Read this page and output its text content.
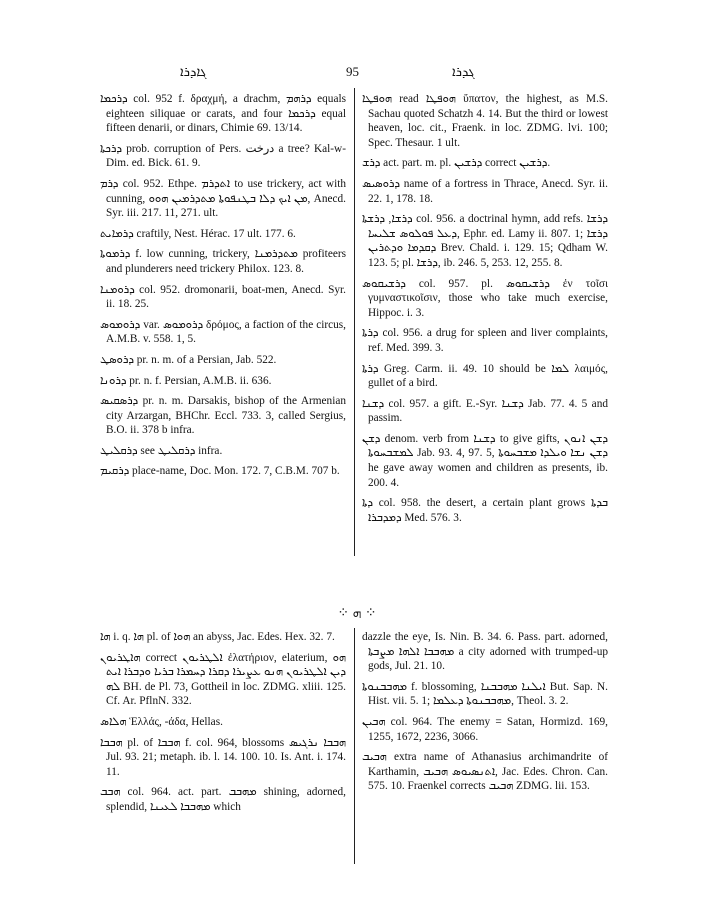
ܓܐܕܪܐ	95	ܓܕܪܐ

ܕܪܟܡܐ col. 952 f. δραχμή, a drachm, ܕܪܗܡ equals eighteen siliquae or carats, and four ܕܪܟܡܐ equal fifteen denarii, or dinars, Chimie 69. 13/14.

ܕܪܟܬܐ prob. corruption of Pers. درخت a tree? Kal-w-Dim. ed. Bick. 61. 9.

ܕܪܡ col. 952. Ethpe. ܐܬܕܪܡ to use trickery, act with cunning, ܡܢ ܐܝܟ ܕܠܐ ܒܛܢܦܘܬܐ ܡܬܕܪܡܝܢ ܗܘܘ, Anecd. Syr. iii. 217. 11, 271. ult.

ܕܪܡܐܝܬ craftily, Nest. Hérac. 17 ult. 177. 6.

ܕܪܡܘܬܐ f. low cunning, trickery, ܡܬܕܪܡܢܐ profiteers and plunderers need trickery Philox. 123. 8.

ܕܪܘܡܢܐ col. 952. dromonarii, boat-men, Anecd. Syr. ii. 18. 25.

ܕܪܘܡܘܣ var. ܕܪܘܡܘܣ δρόμος, a faction of the circus, A.M.B. v. 558. 1, 5.

ܕܪܘܣܛ pr. n. m. of a Persian, Jab. 522.

ܕܪܘܢܐ pr. n. f. Persian, A.M.B. ii. 636.

ܕܪܣܩܝܣ pr. n. m. Darsakis, bishop of the Armenian city Arzargan, BHChr. Eccl. 733. 3, called Sergius, B.O. ii. 378 b infra.

ܕܪܩܠܝܛ see ܕܪܩܠܝܛ infra.

ܕܪܩܝܡ place-name, Doc. Mon. 172. 7, C.B.M. 707 b.

ܗܘܦܛܐ read ܗܘܦܛܐ ὕπατον, the highest, as M.S. Sachau quoted Schatzh 4. 14. But the third or lowest heaven, loc. cit., Fraenk. in loc. ZDMG. lvi. 100; Spec. Thesaur. 1 ult.

ܕܪܫ act. part. m. pl. ܕܪܫܝܢ correct ܕܪܫܝܢ.

ܕܪܘܣܝܣ name of a fortress in Thrace, Anecd. Syr. ii. 22. 1, 178. 18.

ܕܪܫܐ, ܕܪܫܬܐ col. 956. a doctrinal hymn, add refs. ܕܪܫܐ ܕܥܠ ܦܘܠܘܣ ܫܠܝܚܐ, Ephr. ed. Lamy ii. 807. 1; ܕܪܫܐ ܕܩܕܡܐ ܘܕܬܪܝܢ Brev. Chald. i. 129. 15; Qdham W. 123. 5; pl. ܕܪܫܐ, ib. 246. 5, 253. 12, 255. 8.

ܕܪܫܝܩܘܣ col. 957. pl. ܕܪܫܝܩܘܣ ἐν τοῖσι γυμναστικοῖσιν, those who take much exercise, Hippoc. i. 3.

ܕܪܬܐ col. 956. a drug for spleen and liver complaints, ref. Med. 399. 3.

ܕܪܬܐ Greg. Carm. ii. 49. 10 should be ܠܡܐ λαιμός, gullet of a bird.

ܕܫܢܐ col. 957. a gift. E.-Syr. ܕܫܢܐ Jab. 77. 4. 5 and passim.

ܕܫܢ denom. verb from ܕܫܢܐ to give gifts, ܕܫܢ ܐܢܘܢ ܠܡܫܒܚܘܬܐ Jab. 93. 4, 97. 5, ܕܫܢ ܢܫܐ ܘܝܠܕܐ ܡܫܒܚܘܬܐ he gave away women and children as presents, ib. 200. 4.

ܕܬܐ col. 958. the desert, a certain plant grows ܒܕܬܐ ܕܡܕܒܪܐ Med. 576. 3.

⁘ ܗ ⁘

ܗܐ i. q. ܗܐ pl. of ܗܘܐ an abyss, Jac. Edes. Hex. 32. 7.

ܗܐܛܪܝܘܢ correct ܐܠܛܪܝܘܢ ἐλατήριον, elaterium, ܗܘ ܕܝܢ ܐܠܛܪܝܘܢ ܗܢܘ ܥܨܝܪܐ ܕܩܪܐ ܕܚܡܪܐ ܒܪܝܐ ܘܕܒܪܐ ܐܝܬ ܠܗ BH. de Pl. 73, Gottheil in loc. ZDMG. xliii. 125. Cf. Ar. PflnN. 332.

ܗܠܐܣ Ἑλλάς, -άδα, Hellas.

ܗܒܒܐ pl. of ܗܒܒܐ f. col. 964, blossoms ܗܒܒܐ ܢܪܓܝܣ Jul. 93. 21; metaph. ib. l. 14. 100. 10. Is. Ant. i. 174. 11.

ܗܒܒ col. 964. act. part. ܡܗܒܒ shining, adorned, splendid, ܡܗܒܒܐ ܠܥܝܢܐ which

dazzle the eye, Is. Nin. B. 34. 6. Pass. part. adorned, ܡܗܒܒܐ ܐܠܗܐ ܡܨܒܬܐ a city adorned with trumped-up gods, Jul. 21. 10.

ܡܗܒܒܢܘܬܐ f. blossoming, ܐܝܠܢܐ ܡܗܒܒܢܐ But. Sap. N. Hist. vii. 5. 1; ܡܗܒܒܢܘܬܐ ܕܥܠܡܐ, Theol. 3. 2.

ܗܒܝܢ col. 964. The enemy = Satan, Hormizd. 169, 1255, 1672, 2236, 3066.

ܗܒܝܒ extra name of Athanasius archimandrite of Karthamin, ܐܬܢܣܝܘܣ ܗܒܝܒ, Jac. Edes. Chron. Can. 575. 10. Fraenkel corrects ܗܒܝܒ ZDMG. lii. 153.
